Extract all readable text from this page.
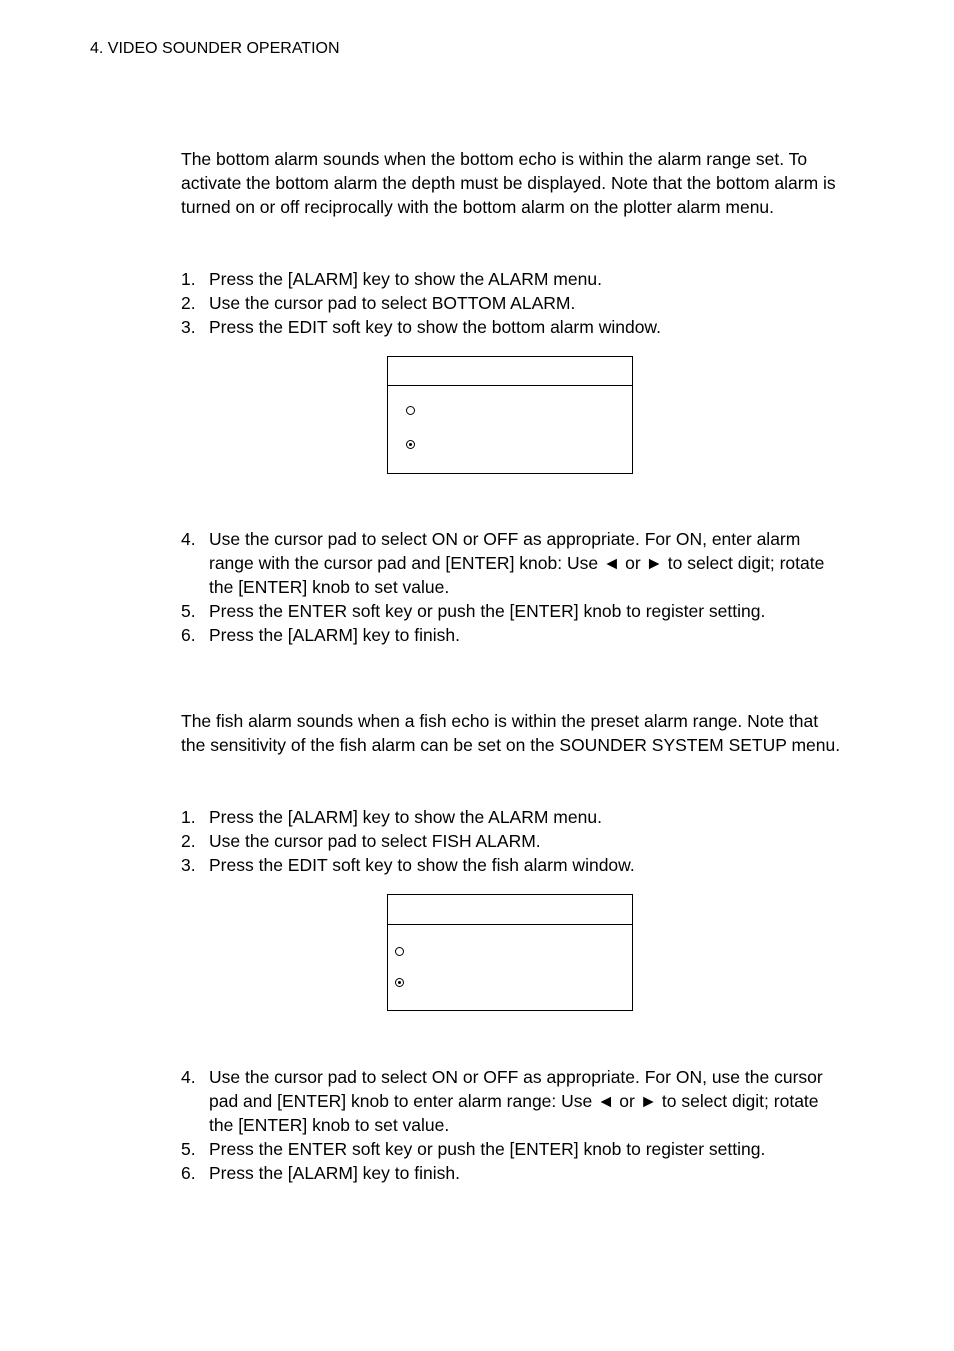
4. VIDEO SOUNDER OPERATION

The bottom alarm sounds when the bottom echo is within the alarm range set. To activate the bottom alarm the depth must be displayed. Note that the bottom alarm is turned on or off reciprocally with the bottom alarm on the plotter alarm menu.

1. Press the [ALARM] key to show the ALARM menu.
2. Use the cursor pad to select BOTTOM ALARM.
3. Press the EDIT soft key to show the bottom alarm window.
4. Use the cursor pad to select ON or OFF as appropriate. For ON, enter alarm range with the cursor pad and [ENTER] knob: Use ◄ or ► to select digit; rotate the [ENTER] knob to set value.
5. Press the ENTER soft key or push the [ENTER] knob to register setting.
6. Press the [ALARM] key to finish.

The fish alarm sounds when a fish echo is within the preset alarm range. Note that the sensitivity of the fish alarm can be set on the SOUNDER SYSTEM SETUP menu.

1. Press the [ALARM] key to show the ALARM menu.
2. Use the cursor pad to select FISH ALARM.
3. Press the EDIT soft key to show the fish alarm window.
4. Use the cursor pad to select ON or OFF as appropriate. For ON, use the cursor pad and [ENTER] knob to enter alarm range: Use ◄ or ► to select digit; rotate the [ENTER] knob to set value.
5. Press the ENTER soft key or push the [ENTER] knob to register setting.
6. Press the [ALARM] key to finish.
